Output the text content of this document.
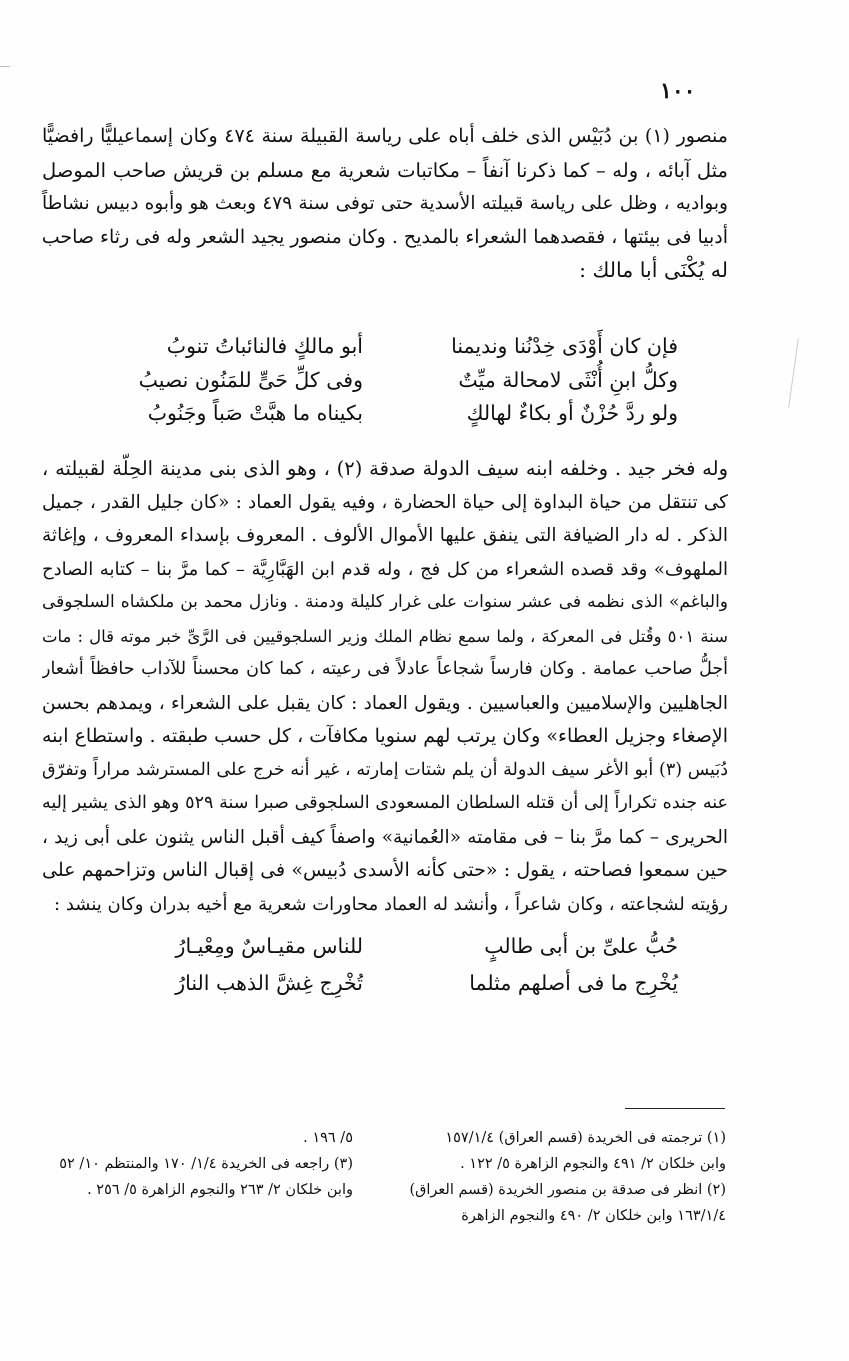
١٠٠
منصور (١) بن دُبَيْس الذى خلف أباه على رياسة القبيلة سنة ٤٧٤ وكان إسماعيليًّا رافضيًّا
مثل آبائه ، وله – كما ذكرنا آنفاً – مكاتبات شعرية مع مسلم بن قريش صاحب الموصل
وبواديه ، وظل على رياسة قبيلته الأسدية حتى توفى سنة ٤٧٩ وبعث هو وأبوه دبيس نشاطاً
أدبيا فى بيئتها ، فقصدهما الشعراء بالمديح . وكان منصور يجيد الشعر وله فى رثاء صاحب
له يُكْنَى أبا مالك :
فإن كان أَوْدَى خِدْنُنا ونديمنا
أبو مالكٍ فالنائباتُ تنوبُ
وكلُّ ابنِ أُنْثَى لامحالة ميِّتٌ
وفى كلِّ حَىٍّ للمَنُون نصيبُ
ولو ردَّ حُزْنٌ أو بكاءٌ لهالكٍ
بكيناه ما هبَّتْ صَباً وجَنُوبُ
وله فخر جيد . وخلفه ابنه سيف الدولة صدقة (٢) ، وهو الذى بنى مدينة الحِلّة لقبيلته ،
كى تنتقل من حياة البداوة إلى حياة الحضارة ، وفيه يقول العماد : «كان جليل القدر ، جميل
الذكر . له دار الضيافة التى ينفق عليها الأموال الألوف . المعروف بإسداء المعروف ، وإغاثة
الملهوف» وقد قصده الشعراء من كل فج ، وله قدم ابن الهَبَّارِيَّة – كما مرَّ بنا – كتابه الصادح
والباغم» الذى نظمه فى عشر سنوات على غرار كليلة ودمنة . ونازل محمد بن ملكشاه السلجوقى
سنة ٥٠١ وقُتل فى المعركة ، ولما سمع نظام الملك وزير السلجوقيين فى الرَّىِّ خبر موته قال : مات
أجلُّ صاحب عمامة . وكان فارساً شجاعاً عادلاً فى رعيته ، كما كان محسناً للآداب حافظاً أشعار
الجاهليين والإسلاميين والعباسيين . ويقول العماد : كان يقبل على الشعراء ، ويمدهم بحسن
الإصغاء وجزيل العطاء» وكان يرتب لهم سنويا مكافآت ، كل حسب طبقته . واستطاع ابنه
دُبَيس (٣) أبو الأغر سيف الدولة أن يلم شتات إمارته ، غير أنه خرج على المسترشد مراراً وتفرّق
عنه جنده تكراراً إلى أن قتله السلطان المسعودى السلجوقى صبرا سنة ٥٢٩ وهو الذى يشير إليه
الحريرى – كما مرَّ بنا – فى مقامته «العُمانية» واصفاً كيف أقبل الناس يثنون على أبى زيد ،
حين سمعوا فصاحته ، يقول : «حتى كأنه الأسدى دُبيس» فى إقبال الناس وتزاحمهم على
رؤيته لشجاعته ، وكان شاعراً ، وأنشد له العماد محاورات شعرية مع أخيه بدران وكان ينشد :
حُبُّ علىِّ بن أبى طالبٍ
للناس مقيـاسٌ ومِعْيـارُ
يُخْرِج ما فى أصلهم مثلما
تُخْرِج غِشَّ الذهب النارُ
(١) ترجمته فى الخريدة (قسم العراق) ١٥٧/١/٤
وابن خلكان ٢/ ٤٩١ والنجوم الزاهرة ٥/ ١٢٢ .
(٢) انظر فى صدقة بن منصور الخريدة (قسم العراق)
١٦٣/١/٤ وابن خلكان ٢/ ٤٩٠ والنجوم الزاهرة
٥/ ١٩٦ .
(٣) راجعه فى الخريدة ١/٤/ ١٧٠ والمنتظم ١٠/ ٥٢
وابن خلكان ٢/ ٢٦٣ والنجوم الزاهرة ٥/ ٢٥٦ .
